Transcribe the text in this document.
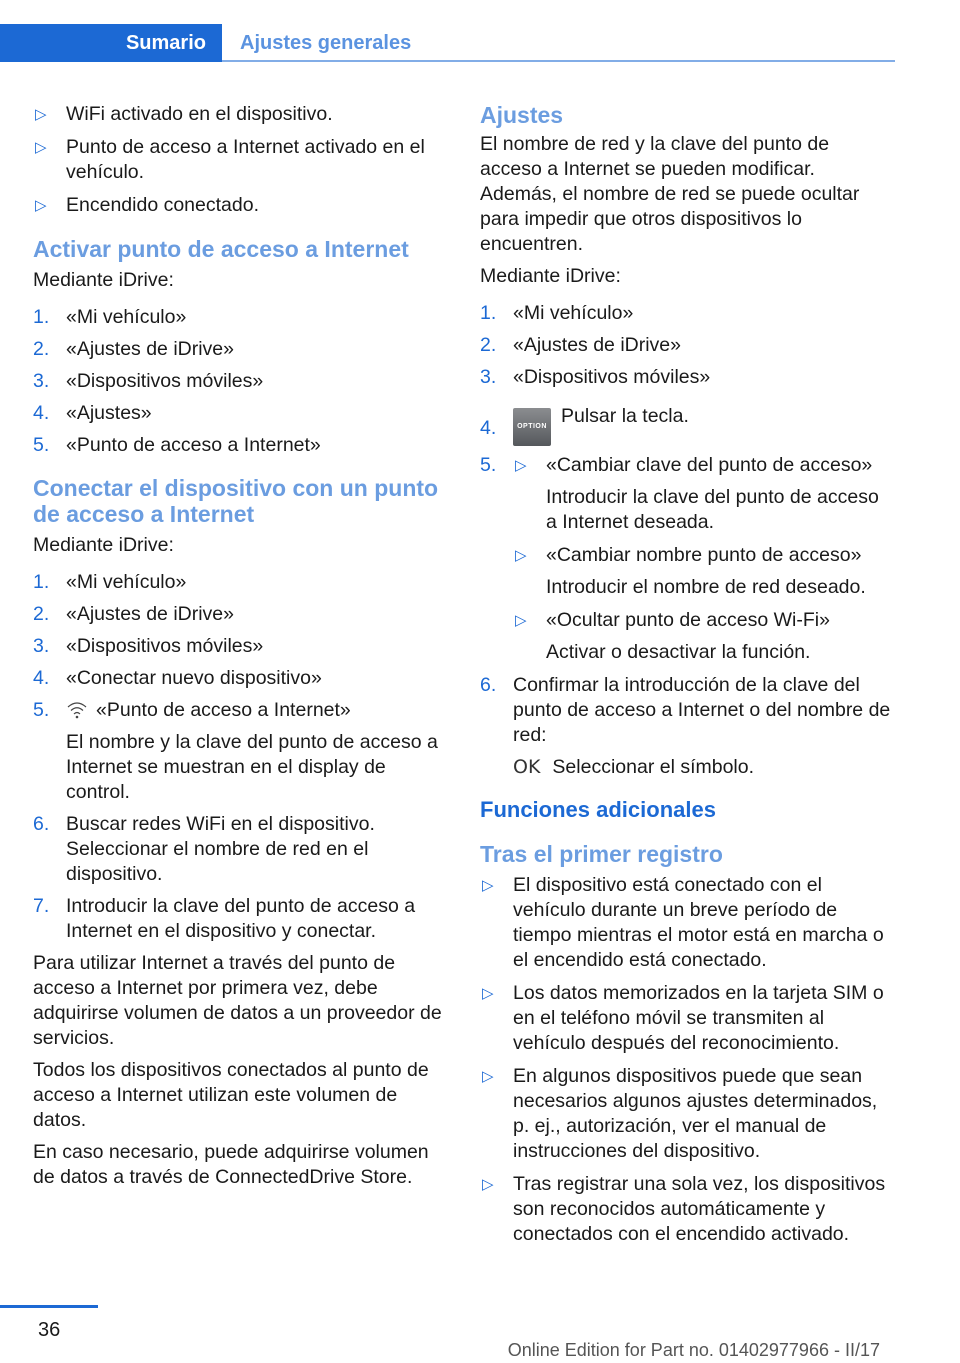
Sumario	Ajustes generales
▷ WiFi activado en el dispositivo.
▷ Punto de acceso a Internet activado en el vehículo.
▷ Encendido conectado.
Activar punto de acceso a Internet

Mediante iDrive:

1. «Mi vehículo»
2. «Ajustes de iDrive»
3. «Dispositivos móviles»
4. «Ajustes»
5. «Punto de acceso a Internet»
Conectar el dispositivo con un punto de acceso a Internet

Mediante iDrive:

1. «Mi vehículo»
2. «Ajustes de iDrive»
3. «Dispositivos móviles»
4. «Conectar nuevo dispositivo»
5. «Punto de acceso a Internet»
El nombre y la clave del punto de acceso a Internet se muestran en el display de control.
6. Buscar redes WiFi en el dispositivo. Seleccionar el nombre de red en el dispositivo.
7. Introducir la clave del punto de acceso a Internet en el dispositivo y conectar.

Para utilizar Internet a través del punto de acceso a Internet por primera vez, debe adquirirse volumen de datos a un proveedor de servicios.

Todos los dispositivos conectados al punto de acceso a Internet utilizan este volumen de datos.

En caso necesario, puede adquirirse volumen de datos a través de ConnectedDrive Store.

Ajustes

El nombre de red y la clave del punto de acceso a Internet se pueden modificar. Además, el nombre de red se puede ocultar para impedir que otros dispositivos lo encuentren.

Mediante iDrive:

1. «Mi vehículo»
2. «Ajustes de iDrive»
3. «Dispositivos móviles»
4.	OPTION Pulsar la tecla.
5. ▷ «Cambiar clave del punto de acceso»
Introducir la clave del punto de acceso a Internet deseada.
▷ «Cambiar nombre punto de acceso»
Introducir el nombre de red deseado.
▷ «Ocultar punto de acceso Wi-Fi»
Activar o desactivar la función.
6. Confirmar la introducción de la clave del punto de acceso a Internet o del nombre de red:
OK Seleccionar el símbolo.
Funciones adicionales
Tras el primer registro
▷ El dispositivo está conectado con el vehículo durante un breve período de tiempo mientras el motor está en marcha o el encendido está conectado.
▷ Los datos memorizados en la tarjeta SIM o en el teléfono móvil se transmiten al vehículo después del reconocimiento.
▷ En algunos dispositivos puede que sean necesarios algunos ajustes determinados, p. ej., autorización, ver el manual de instrucciones del dispositivo.
▷ Tras registrar una sola vez, los dispositivos son reconocidos automáticamente y conectados con el encendido activado.
36
Online Edition for Part no. 01402977966 - II/17
